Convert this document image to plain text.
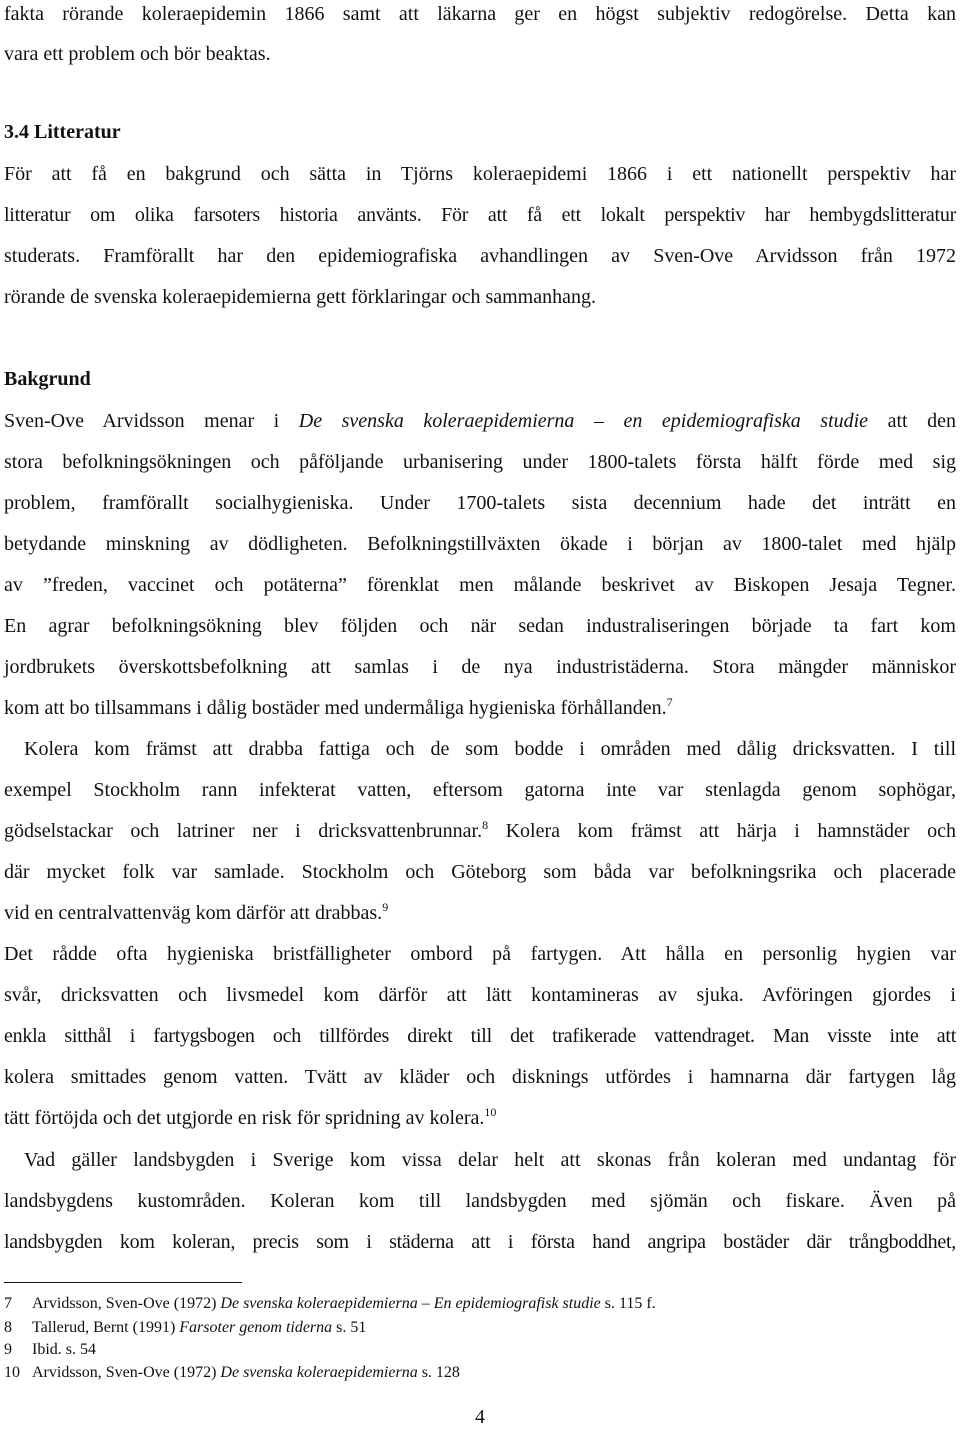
fakta rörande koleraepidemin 1866 samt att läkarna ger en högst subjektiv redogörelse. Detta kan
vara ett problem och bör beaktas.
3.4 Litteratur
För att få en bakgrund och sätta in Tjörns koleraepidemi 1866 i ett nationellt perspektiv har
litteratur om olika farsoters historia använts. För att få ett lokalt perspektiv har hembygdslitteratur
studerats. Framförallt har den epidemiografiska avhandlingen av Sven-Ove Arvidsson från 1972
rörande de svenska koleraepidemierna gett förklaringar och sammanhang.
Bakgrund
Sven-Ove Arvidsson menar i De svenska koleraepidemierna – en epidemiografiska studie att den
stora befolkningsökningen och påföljande urbanisering under 1800-talets första hälft förde med sig
problem, framförallt socialhygieniska. Under 1700-talets sista decennium hade det inträtt en
betydande minskning av dödligheten. Befolkningstillväxten ökade i början av 1800-talet med hjälp
av ”freden, vaccinet och potäterna” förenklat men målande beskrivet av Biskopen Jesaja Tegner.
En agrar befolkningsökning blev följden och när sedan industraliseringen började ta fart kom
jordbrukets överskottsbefolkning att samlas i de nya industristäderna. Stora mängder människor
kom att bo tillsammans i dålig bostäder med undermåliga hygieniska förhållanden.$^7$
Kolera kom främst att drabba fattiga och de som bodde i områden med dålig dricksvatten. I till
exempel Stockholm rann infekterat vatten, eftersom gatorna inte var stenlagda genom sophögar,
gödselstackar och latriner ner i dricksvattenbrunnar.$^8$ Kolera kom främst att härja i hamnstäder och
där mycket folk var samlade. Stockholm och Göteborg som båda var befolkningsrika och placerade
vid en centralvattenväg kom därför att drabbas.$^9$
Det rådde ofta hygieniska bristfälligheter ombord på fartygen. Att hålla en personlig hygien var
svår, dricksvatten och livsmedel kom därför att lätt kontamineras av sjuka. Avföringen gjordes i
enkla sitthål i fartygsbogen och tillfördes direkt till det trafikerade vattendraget. Man visste inte att
kolera smittades genom vatten. Tvätt av kläder och disknings utfördes i hamnarna där fartygen låg
tätt förtöjda och det utgjorde en risk för spridning av kolera.$^{10}$
Vad gäller landsbygden i Sverige kom vissa delar helt att skonas från koleran med undantag för
landsbygdens kustområden. Koleran kom till landsbygden med sjömän och fiskare. Även på
landsbygden kom koleran, precis som i städerna att i första hand angripa bostäder där trångboddhet,
7 Arvidsson, Sven-Ove (1972) De svenska koleraepidemierna – En epidemiografisk studie s. 115 f.
8 Tallerud, Bernt (1991) Farsoter genom tiderna s. 51
9 Ibid. s. 54
10 Arvidsson, Sven-Ove (1972) De svenska koleraepidemierna s. 128
4
